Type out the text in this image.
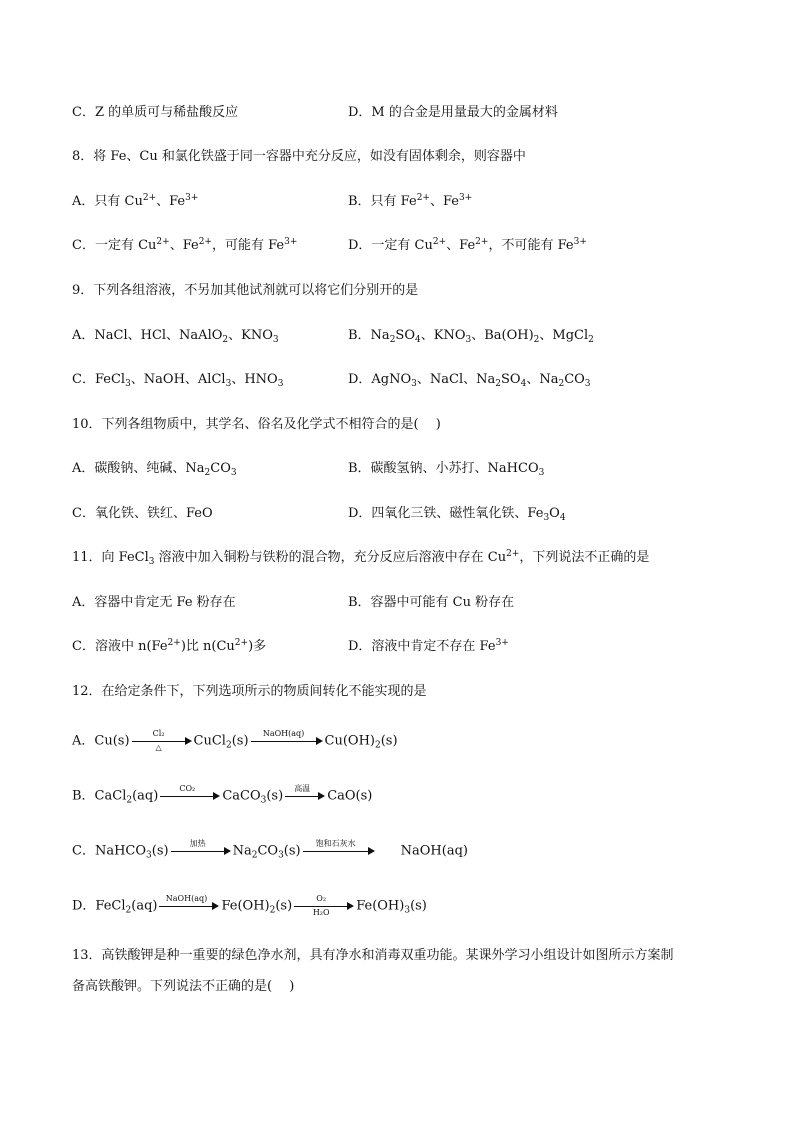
C．Z 的单质可与稀盐酸反应	D．M 的合金是用量最大的金属材料
8．将 Fe、Cu 和氯化铁盛于同一容器中充分反应，如没有固体剩余，则容器中
A．只有 $Cu^{2+}$、$Fe^{3+}$	B．只有 $Fe^{2+}$、$Fe^{3+}$
C．一定有 $Cu^{2+}$、$Fe^{2+}$，可能有 $Fe^{3+}$	D．一定有 $Cu^{2+}$、$Fe^{2+}$，不可能有 $Fe^{3+}$
9．下列各组溶液，不另加其他试剂就可以将它们分别开的是
A．NaCl、HCl、NaAlO$_2$、$KNO_3$	B．$Na_2SO_4$、$KNO_3$、$Ba(OH)_2$、MgCl$_2$
C．FeCl$_3$、NaOH、AlCl$_3$、$HNO_3$	D．AgNO$_3$、NaCl、$Na_2SO_4$、$Na_2CO_3$
10．下列各组物质中，其学名、俗名及化学式不相符合的是(　 )
A．碳酸钠、纯碱、$Na_2CO_3$	B．碳酸氢钠、小苏打、NaHCO$_3$
C．氧化铁、铁红、FeO	D．四氧化三铁、磁性氧化铁、$Fe_3O_4$
11．向 FeCl$_3$ 溶液中加入铜粉与铁粉的混合物，充分反应后溶液中存在 $Cu^{2+}$，下列说法不正确的是
A．容器中肯定无 Fe 粉存在	B．容器中可能有 Cu 粉存在
C．溶液中 $n(Fe^{2+})$比 $n(Cu^{2+})$多	D．溶液中肯定不存在 $Fe^{3+}$
12．在给定条件下，下列选项所示的物质间转化不能实现的是
A．Cu(s)	Cl₂
△	CuCl$_2$(s)	NaOH(aq)	$Cu(OH)_2(s)$
B．CaCl$_2$(aq)	CO₂	CaCO$_3$(s)	高温	CaO(s)
C．NaHCO$_3$(s)	加热	$Na_2CO_3(s)$	饱和石灰水	NaOH(aq)
D．FeCl$_2$(aq)	NaOH(aq)	$Fe(OH)_2(s) \frac{\text{O₂}}{\text{H₂O}} Fe(OH)_3(s)$
13．高铁酸钾是种一重要的绿色净水剂，具有净水和消毒双重功能。某课外学习小组设计如图所示方案制
备高铁酸钾。下列说法不正确的是(　 )
